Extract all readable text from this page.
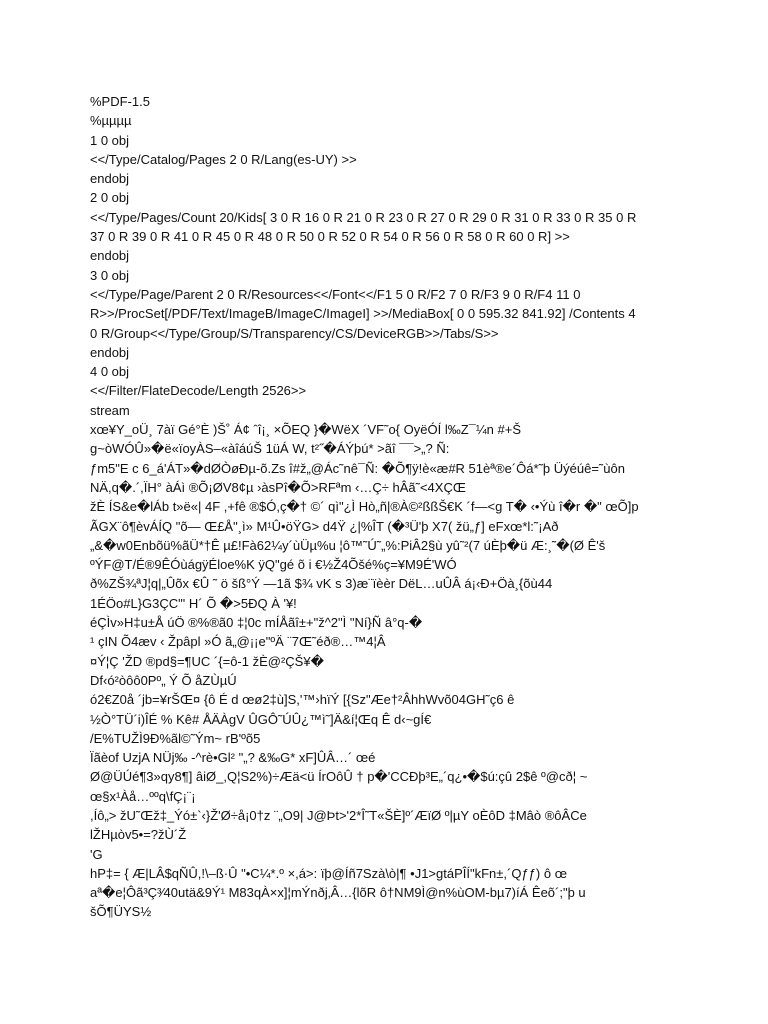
%PDF-1.5
%µµµµ
1 0 obj
<</Type/Catalog/Pages 2 0 R/Lang(es-UY) >>
endobj
2 0 obj
<</Type/Pages/Count 20/Kids[ 3 0 R 16 0 R 21 0 R 23 0 R 27 0 R 29 0 R 31 0 R 33 0 R 35 0 R
37 0 R 39 0 R 41 0 R 45 0 R 48 0 R 50 0 R 52 0 R 54 0 R 56 0 R 58 0 R 60 0 R] >>
endobj
3 0 obj
<</Type/Page/Parent 2 0 R/Resources<</Font<</F1 5 0 R/F2 7 0 R/F3 9 0 R/F4 11 0
R>>/ProcSet[/PDF/Text/ImageB/ImageC/ImageI] >>/MediaBox[ 0 0 595.32 841.92] /Contents 4
0 R/Group<</Type/Group/S/Transparency/CS/DeviceRGB>>/Tabs/S>>
endobj
4 0 obj
<</Filter/FlateDecode/Length 2526>>
stream
xœ¥Y_oÜ¸ 7àï Gé°È )Š˚ Á¢ ˆî¡¸ ×ÕEQ }�WëX ´VF˜o{ OyëÓÍ l‰Z¯¼n #+Š
g~òWÓÛ»�ë«ïoyÀS–«àîáúŠ 1üÁ W, t²˝�ÁÝþú* >ãî ¯¯>„? Ñ:
ƒm5"E c 6_á'ÁT»�dØÒøÐµ-õ.Zs î#ž„@Ác˜nê¯Ñ: �Õ¶ÿ!è«æ#R 51èª®e´Ôá*˜þ Üýéúê=˜ùôn
NÄ,q�.´,ÏH° àÁì ®Õ¡ØV8¢µ ›àsPî�Õ>RFªm ‹…Ç÷ hÂã˜<4XÇŒ
žÈ ÍS&e�lÁb t»ë«| 4F ,+fê ®$Ó,ç�† ©´ qì"¿Ì Hò„ñ|®À©²ßßŠ€K ´f—<g T� ‹•Ýù î�r �" œÕ]p
ÃGX¨ô¶èvÁÍQ "õ— Œ£Å"¸ì» M¹Û•öŸG> d4Ÿ ¿|%ÎT (�³Ü'þ X7( žü„ƒ] eFxœ*l:˜¡Að
„&�w0Enbõü%ãÜ*†Ê µ£!Fà62¼y´ùÜµ%u ¦ô™˜Ú˜„%:PiÂ2§ù yû˜²(7 úÈþ�ü Æ:¸˜�(Ø Ê'š
ºÝF@T/É®9ÊÓùágÿÉloe%K ÿQ"gé õ i €½Ž4Õšé%ç=¥M9É'WÓ
ð%ZŠ¾ªJ¦q|„Ûõx €Û ˜ ö šß°Ý —1ã $¾ vK s 3)æ¨ïèèr DëL…uÛÂ á¡‹Ð+Öà¸{õù44
1ÉÖo#L}G3ÇC"' H´ Õ �>5ÐQ À '¥!
éÇÌv»H‡u±Å úÖ ®%®ã0 ‡¦0c mÍÅãî±+"ž^2"Ì "Ní}Ñ â°q-�
¹ çIN Õ4æv ‹ Žpâpl »Ó ã„@¡¡e"ºÄ ¨7Œ˜éð®…™4¦Â
¤Ý¦Ç 'ŽD ®pd§=¶UC ´{=ô-1 žÈ@²ÇŠ¥�
Df‹ó²òôô0Pº„ Ý Õ åZÙµÚ
ó2€Z0å ´jb=¥rŠŒ¤ {ô É d œø2‡ù]S,'™›hïÝ [{Sz"Æe†²ÂhhWvõ04GH˜ç6 ê
½Ò°TÜ´i)ÎÉ % Kê# ÅÄÀgV ÛGÔ˜ÚÛ¿™ì˜]Ä&í¦Œq Ê d‹~gÍ€
/E%TUŽÌ9Ð%ãl©˜Ým~ rB'ºõ5
Ïãèof UzjA NÜj‰ -^rè•Gl² "„? &‰G* xF]ÛÂ…´ œé
Ø@ÜÚé¶3»qy8¶] âiØ_,Q¦S2%)÷Æä<ü ÍrOôÛ † p�'CCÐþ³E„´q¿•�$ú:çû 2$ê º@cð¦ ~
œ§x¹Àå…ººq\fÇ¡¨¡
,Íô„> žU˜Œž‡_Ýó±`‹}Ž'Ø÷å¡0†z ¨„O9| J@Þt>'2*Î˜T«ŠÈ]º´ÆïØ º|µY oÈôD ‡Mâò ®ôÂCe
lŽHµòv5•=?žÙ´Ž
'G
hP‡= { Æ|LÂ$qÑÛ,!\–ß·Û "•C¼*.º ×,á>: ïþ@Íñ7Szà\ò|¶ •J1>gtáPÎÍ"kFn±,´Qƒƒ) ô œ
aª�e¦Ôã³Ç³⁄40utä&9Ý¹ M83qÀ×x]¦mÝnðj‚Â…{lõR ô†NM9Ì@n%ùOM-bµ7)íÁ Êeõ´;"þ u
šÕ¶ÜYS½
